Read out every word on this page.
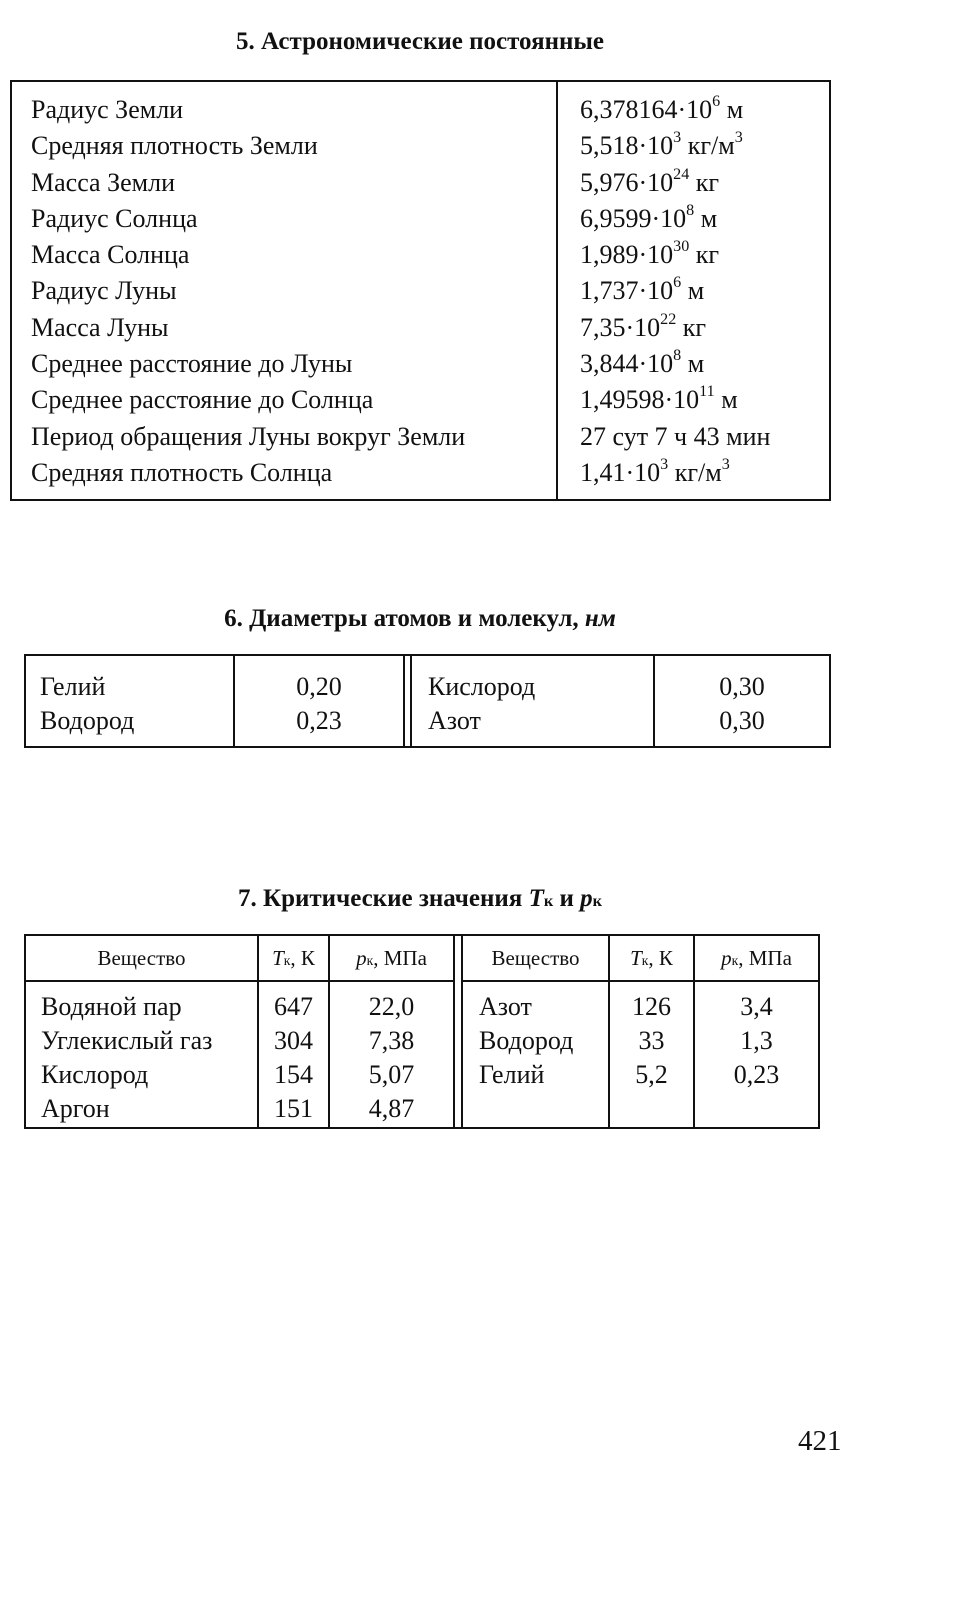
5. Астрономические постоянные
Радиус Земли
Средняя плотность Земли
Масса Земли
Радиус Солнца
Масса Солнца
Радиус Луны
Масса Луны
Среднее расстояние до Луны
Среднее расстояние до Солнца
Период обращения Луны вокруг Земли
Средняя плотность Солнца
$6,378164\cdot 10^6$ м
$5,518\cdot 10^3$ $кг/м^3$
$5,976\cdot 10^{24}$ кг
$6,9599\cdot 10^8$ м
$1,989\cdot 10^{30}$ кг
$1,737\cdot 10^6$ м
$7,35\cdot 10^{22}$ кг
$3,844\cdot 10^8$ м
$1,49598\cdot 10^{11}$ м
27 сут 7 ч 43 мин
$1,41\cdot 10^3$ $кг/м^3$
6. Диаметры атомов и молекул, нм
Гелий
Водород
0,20
0,23
Кислород
Азот
0,30
0,30
7. Критические значения Tк и pк
Вещество
Водяной пар
Углекислый газ
Кислород
Аргон
Tк, К
647
304
154
151
pк, МПа
22,0
7,38
5,07
4,87
Вещество
Азот
Водород
Гелий
Tк, К
126
33
5,2
pк, МПа
3,4
1,3
0,23
421
